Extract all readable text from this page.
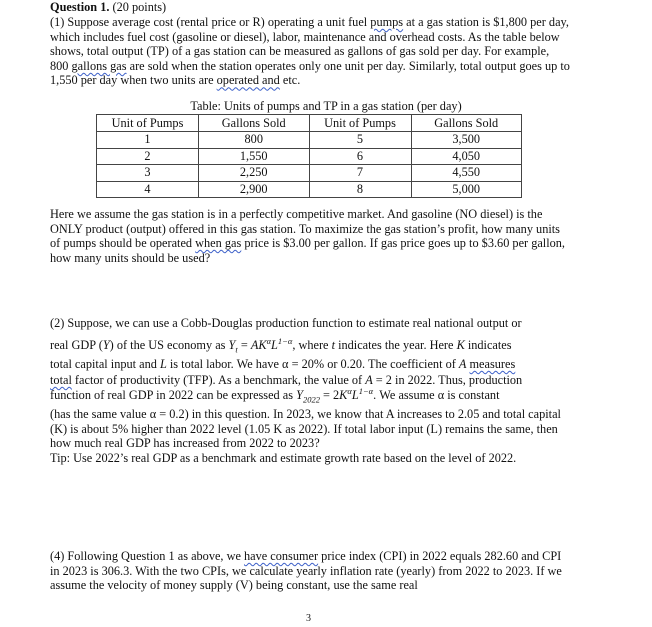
Question 1. (20 points)

(1) Suppose average cost (rental price or R) operating a unit fuel pumps at a gas station is $1,800 per day, which includes fuel cost (gasoline or diesel), labor, maintenance and overhead costs. As the table below shows, total output (TP) of a gas station can be measured as gallons of gas sold per day. For example, 800 gallons gas are sold when the station operates only one unit per day. Similarly, total output goes up to 1,550 per day when two units are operated and etc.

Table: Units of pumps and TP in a gas station (per day)
Unit of Pumps	Gallons Sold	Unit of Pumps	Gallons Sold
1	800	5	3,500
2	1,550	6	4,050
3	2,250	7	4,550
4	2,900	8	5,000

Here we assume the gas station is in a perfectly competitive market. And gasoline (NO diesel) is the ONLY product (output) offered in this gas station. To maximize the gas station’s profit, how many units of pumps should be operated when gas price is $3.00 per gallon. If gas price goes up to $3.60 per gallon, how many units should be used?

(2) Suppose, we can use a Cobb-Douglas production function to estimate real national output or

real GDP (Y) of the US economy as $Y_t = AK^\alpha L^{1-\alpha}$, where t indicates the year. Here K indicates

total capital input and L is total labor. We have α = 20% or 0.20. The coefficient of A measures

total factor of productivity (TFP). As a benchmark, the value of A = 2 in 2022. Thus, production

function of real GDP in 2022 can be expressed as $Y_{2022} = 2K^\alpha L^{1-\alpha}$. We assume α is constant

(has the same value α = 0.2) in this question. In 2023, we know that A increases to 2.05 and total capital (K) is about 5% higher than 2022 level (1.05 K as 2022). If total labor input (L) remains the same, then how much real GDP has increased from 2022 to 2023?

Tip: Use 2022’s real GDP as a benchmark and estimate growth rate based on the level of 2022.

(4) Following Question 1 as above, we have consumer price index (CPI) in 2022 equals 282.60 and CPI in 2023 is 306.3. With the two CPIs, we calculate yearly inflation rate (yearly) from 2022 to 2023. If we assume the velocity of money supply (V) being constant, use the same real

3
